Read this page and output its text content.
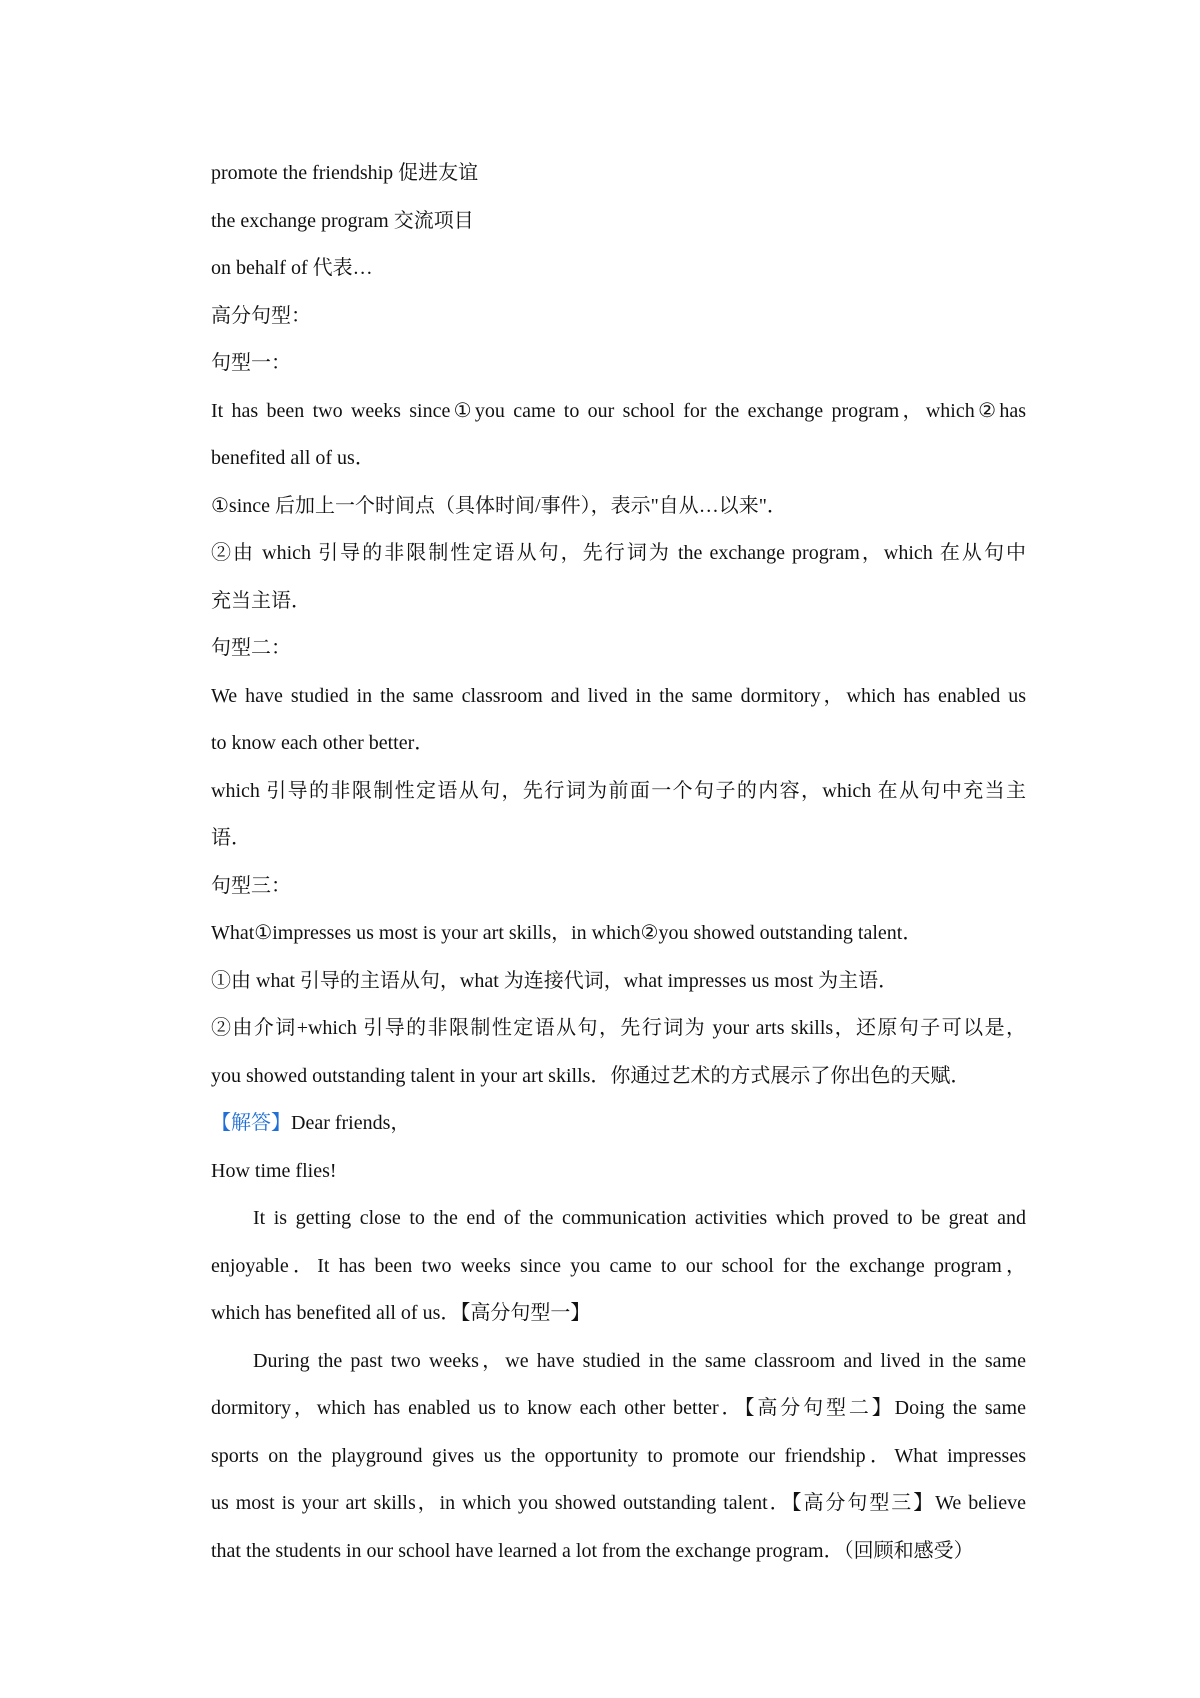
promote the friendship 促进友谊
the exchange program 交流项目
on behalf of 代表…
高分句型：
句型一：
It has been two weeks since①you came to our school for the exchange program，which②has
benefited all of us．
①since 后加上一个时间点（具体时间/事件），表示"自从…以来"．
②由 which 引导的非限制性定语从句，先行词为 the exchange program，which 在从句中
充当主语．
句型二：
We have studied in the same classroom and lived in the same dormitory，which has enabled us
to know each other better．
which 引导的非限制性定语从句，先行词为前面一个句子的内容，which 在从句中充当主
语．
句型三：
What①impresses us most is your art skills，in which②you showed outstanding talent．
①由 what 引导的主语从句，what 为连接代词，what impresses us most 为主语．
②由介词+which 引导的非限制性定语从句，先行词为 your arts skills，还原句子可以是，
you showed outstanding talent in your art skills．你通过艺术的方式展示了你出色的天赋．
【解答】Dear friends，
How time flies!
It is getting close to the end of the communication activities which proved to be great and
enjoyable．It has been two weeks since you came to our school for the exchange program，
which has benefited all of us．【高分句型一】
During the past two weeks，we have studied in the same classroom and lived in the same
dormitory，which has enabled us to know each other better．【高分句型二】Doing the same
sports on the playground gives us the opportunity to promote our friendship．What impresses
us most is your art skills，in which you showed outstanding talent．【高分句型三】We believe
that the students in our school have learned a lot from the exchange program．（回顾和感受）
